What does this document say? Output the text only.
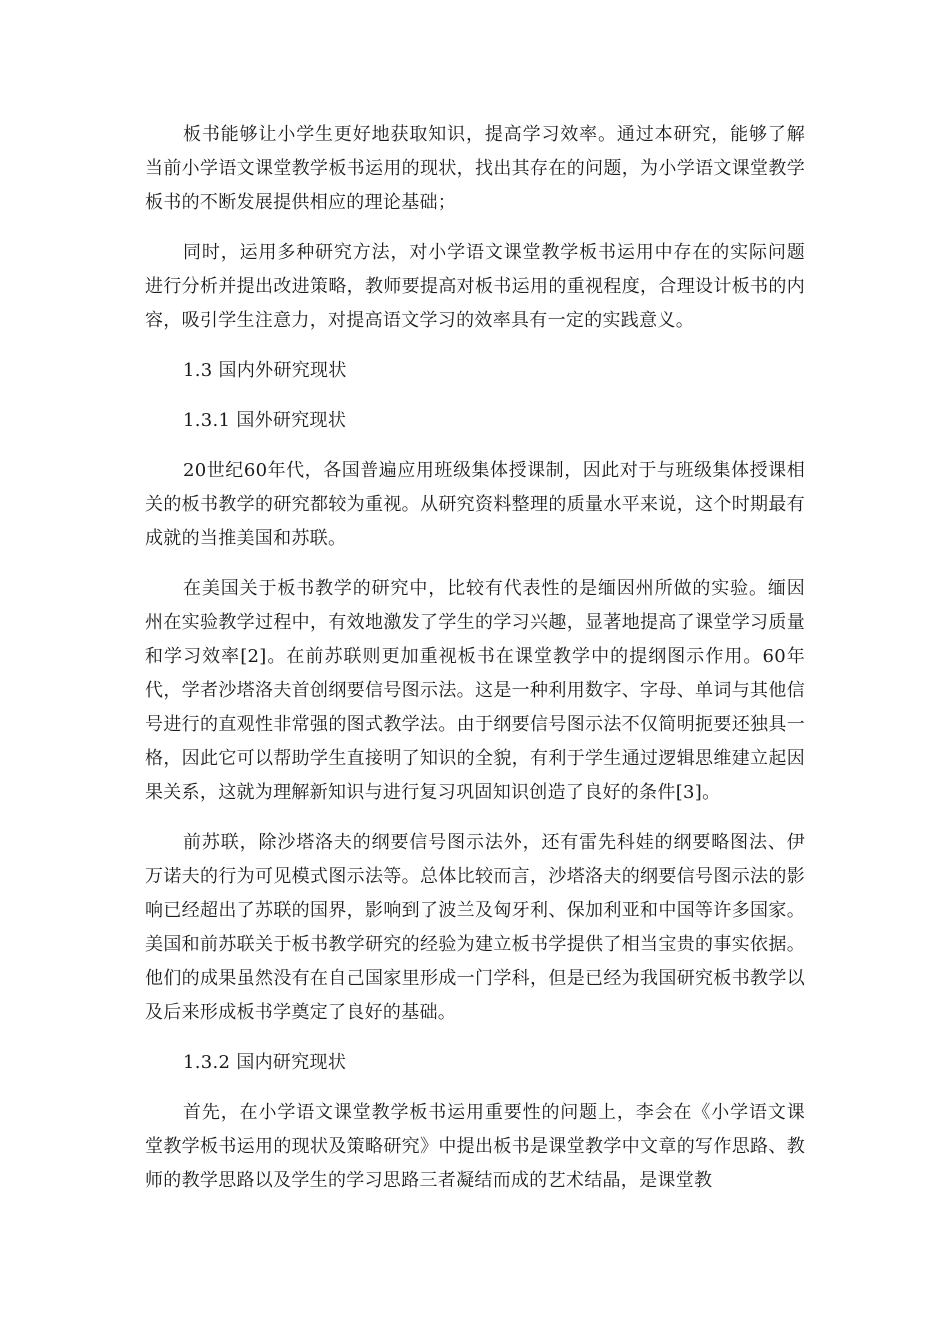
板书能够让小学生更好地获取知识，提高学习效率。通过本研究，能够了解当前小学语文课堂教学板书运用的现状，找出其存在的问题，为小学语文课堂教学板书的不断发展提供相应的理论基础；

同时，运用多种研究方法，对小学语文课堂教学板书运用中存在的实际问题进行分析并提出改进策略，教师要提高对板书运用的重视程度，合理设计板书的内容，吸引学生注意力，对提高语文学习的效率具有一定的实践意义。

1.3 国内外研究现状

1.3.1 国外研究现状

20世纪60年代，各国普遍应用班级集体授课制，因此对于与班级集体授课相关的板书教学的研究都较为重视。从研究资料整理的质量水平来说，这个时期最有成就的当推美国和苏联。

在美国关于板书教学的研究中，比较有代表性的是缅因州所做的实验。缅因州在实验教学过程中，有效地激发了学生的学习兴趣，显著地提高了课堂学习质量和学习效率[2]。在前苏联则更加重视板书在课堂教学中的提纲图示作用。60年代，学者沙塔洛夫首创纲要信号图示法。这是一种利用数字、字母、单词与其他信号进行的直观性非常强的图式教学法。由于纲要信号图示法不仅简明扼要还独具一格，因此它可以帮助学生直接明了知识的全貌，有利于学生通过逻辑思维建立起因果关系，这就为理解新知识与进行复习巩固知识创造了良好的条件[3]。

前苏联，除沙塔洛夫的纲要信号图示法外，还有雷先科娃的纲要略图法、伊万诺夫的行为可见模式图示法等。总体比较而言，沙塔洛夫的纲要信号图示法的影响已经超出了苏联的国界，影响到了波兰及匈牙利、保加利亚和中国等许多国家。美国和前苏联关于板书教学研究的经验为建立板书学提供了相当宝贵的事实依据。他们的成果虽然没有在自己国家里形成一门学科，但是已经为我国研究板书教学以及后来形成板书学奠定了良好的基础。

1.3.2 国内研究现状

首先，在小学语文课堂教学板书运用重要性的问题上，李会在《小学语文课堂教学板书运用的现状及策略研究》中提出板书是课堂教学中文章的写作思路、教师的教学思路以及学生的学习思路三者凝结而成的艺术结晶，是课堂教
